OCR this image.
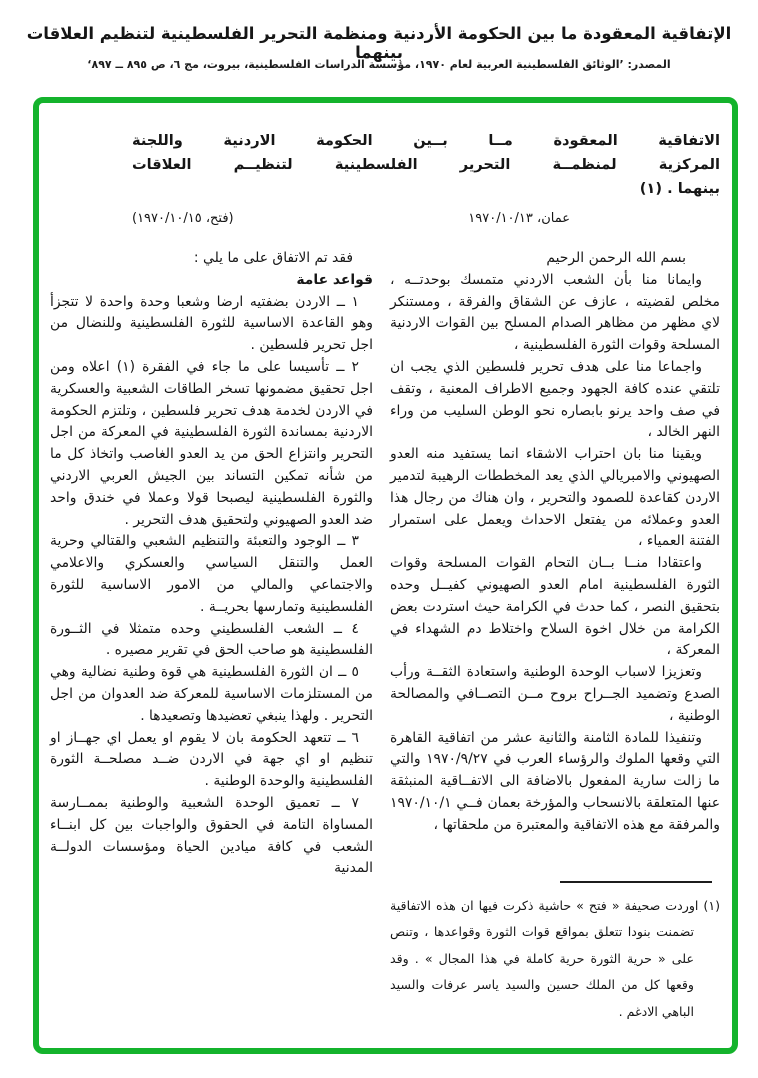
الإتفاقية المعقودة ما بين الحكومة الأردنية ومنظمة التحرير الفلسطينية لتنظيم العلاقات بينهما
المصدر: ’الوثائق الفلسطينية العربية لعام ١٩٧٠، مؤسسة الدراسات الفلسطينية، بيروت، مج ٦، ص ٨٩٥ ــ ٨٩٧‘
الاتفاقية المعقودة مــا بــين الحكومة الاردنية واللجنة
المركزية لمنظمــة التحرير الفلسطينية لتنظيــم العلاقات
بينهما . (١)
عمان، ١٩٧٠/١٠/١٣
(فتح، ١٩٧٠/١٠/١٥)

بسم الله الرحمن الرحيم

وايمانا منا بأن الشعب الاردني متمسك بوحدتــه ، مخلص لقضيته ، عازف عن الشقاق والفرقة ، ومستنكر لاي مظهر من مظاهر الصدام المسلح بين القوات الاردنية المسلحة وقوات الثورة الفلسطينية ،

واجماعا منا على هدف تحرير فلسطين الذي يجب ان تلتقي عنده كافة الجهود وجميع الاطراف المعنية ، وتقف في صف واحد يرنو بابصاره نحو الوطن السليب من وراء النهر الخالد ،

ويقينا منا بان احتراب الاشقاء انما يستفيد منه العدو الصهيوني والامبريالي الذي يعد المخططات الرهيبة لتدمير الاردن كقاعدة للصمود والتحرير ، وان هناك من رجال هذا العدو وعملائه من يفتعل الاحداث ويعمل على استمرار الفتنة العمياء ،

واعتقادا منــا بــان التحام القوات المسلحة وقوات الثورة الفلسطينية امام العدو الصهيوني كفيــل وحده بتحقيق النصر ، كما حدث في الكرامة حيث استردت بعض الكرامة من خلال اخوة السلاح واختلاط دم الشهداء في المعركة ،

وتعزيزا لاسباب الوحدة الوطنية واستعادة الثقــة ورأب الصدع وتضميد الجــراح بروح مــن التصــافي والمصالحة الوطنية ،

وتنفيذا للمادة الثامنة والثانية عشر من اتفاقية القاهرة التي وقعها الملوك والرؤساء العرب في ١٩٧٠/٩/٢٧ والتي ما زالت سارية المفعول بالاضافة الى الاتفــاقية المنبثقة عنها المتعلقة بالانسحاب والمؤرخة بعمان فــي ١٩٧٠/١٠/١ والمرفقة مع هذه الاتفاقية والمعتبرة من ملحقاتها ،

(١) اوردت صحيفة « فتح » حاشية ذكرت فيها ان هذه الاتفاقية تضمنت بنودا تتعلق بمواقع قوات الثورة وقواعدها ، وتنص على « حرية الثورة حرية كاملة في هذا المجال » . وقد وقعها كل من الملك حسين والسيد ياسر عرفات والسيد الباهي الادغم .

فقد تم الاتفاق على ما يلي :

قواعد عامة

١ ــ الاردن بضفتيه ارضا وشعبا وحدة واحدة لا تتجزأ وهو القاعدة الاساسية للثورة الفلسطينية وللنضال من اجل تحرير فلسطين .

٢ ــ تأسيسا على ما جاء في الفقرة (١) اعلاه ومن اجل تحقيق مضمونها تسخر الطاقات الشعبية والعسكرية في الاردن لخدمة هدف تحرير فلسطين ، وتلتزم الحكومة الاردنية بمساندة الثورة الفلسطينية في المعركة من اجل التحرير وانتزاع الحق من يد العدو الغاصب واتخاذ كل ما من شأنه تمكين التساند بين الجيش العربي الاردني والثورة الفلسطينية ليصبحا قولا وعملا في خندق واحد ضد العدو الصهيوني ولتحقيق هدف التحرير .

٣ ــ الوجود والتعبئة والتنظيم الشعبي والقتالي وحرية العمل والتنقل السياسي والعسكري والاعلامي والاجتماعي والمالي من الامور الاساسية للثورة الفلسطينية وتمارسها بحريــة .

٤ ــ الشعب الفلسطيني وحده متمثلا في الثــورة الفلسطينية هو صاحب الحق في تقرير مصيره .

٥ ــ ان الثورة الفلسطينية هي قوة وطنية نضالية وهي من المستلزمات الاساسية للمعركة ضد العدوان من اجل التحرير . ولهذا ينبغي تعضيدها وتصعيدها .

٦ ــ تتعهد الحكومة بان لا يقوم او يعمل اي جهــاز او تنظيم او اي جهة في الاردن ضــد مصلحــة الثورة الفلسطينية والوحدة الوطنية .

٧ ــ تعميق الوحدة الشعبية والوطنية بممــارسة المساواة التامة في الحقوق والواجبات بين كل ابنــاء الشعب في كافة ميادين الحياة ومؤسسات الدولــة المدنية
